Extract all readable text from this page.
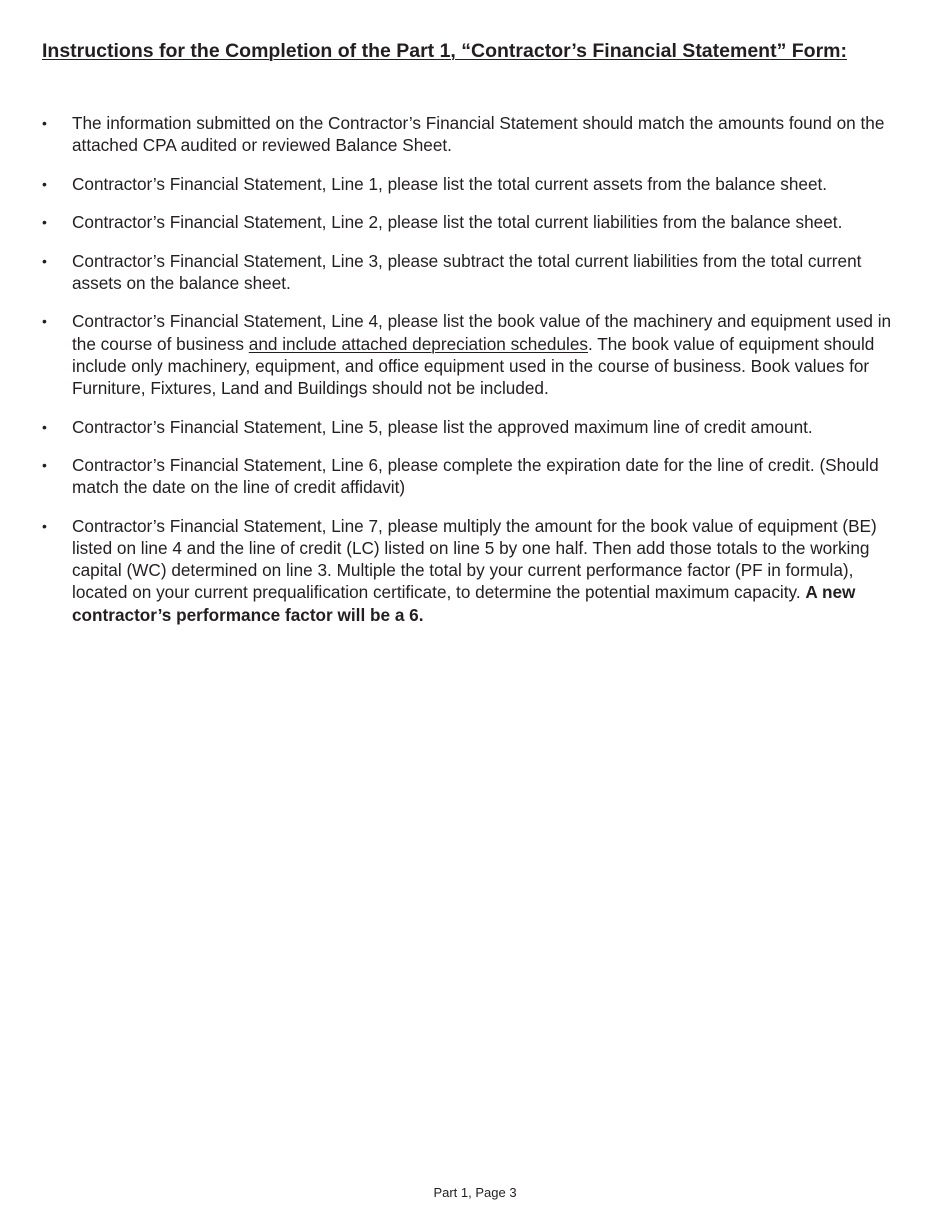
Instructions for the Completion of the Part 1, “Contractor’s Financial Statement” Form:
•	The information submitted on the Contractor’s Financial Statement should match the amounts found on the attached CPA audited or reviewed Balance Sheet.
•	Contractor’s Financial Statement, Line 1, please list the total current assets from the balance sheet.
•	Contractor’s Financial Statement, Line 2, please list the total current liabilities from the balance sheet.
•	Contractor’s Financial Statement, Line 3, please subtract the total current liabilities from the total current assets on the balance sheet.
•	Contractor’s Financial Statement, Line 4, please list the book value of the machinery and equipment used in the course of business and include attached depreciation schedules. The book value of equipment should include only machinery, equipment, and office equipment used in the course of business. Book values for Furniture, Fixtures, Land and Buildings should not be included.
•	Contractor’s Financial Statement, Line 5, please list the approved maximum line of credit amount.
•	Contractor’s Financial Statement, Line 6, please complete the expiration date for the line of credit. (Should match the date on the line of credit affidavit)
•	Contractor’s Financial Statement, Line 7, please multiply the amount for the book value of equipment (BE) listed on line 4 and the line of credit (LC) listed on line 5 by one half. Then add those totals to the working capital (WC) determined on line 3. Multiple the total by your current performance factor (PF in formula), located on your current prequalification certificate, to determine the potential maximum capacity. A new contractor’s performance factor will be a 6.
Part 1, Page 3
